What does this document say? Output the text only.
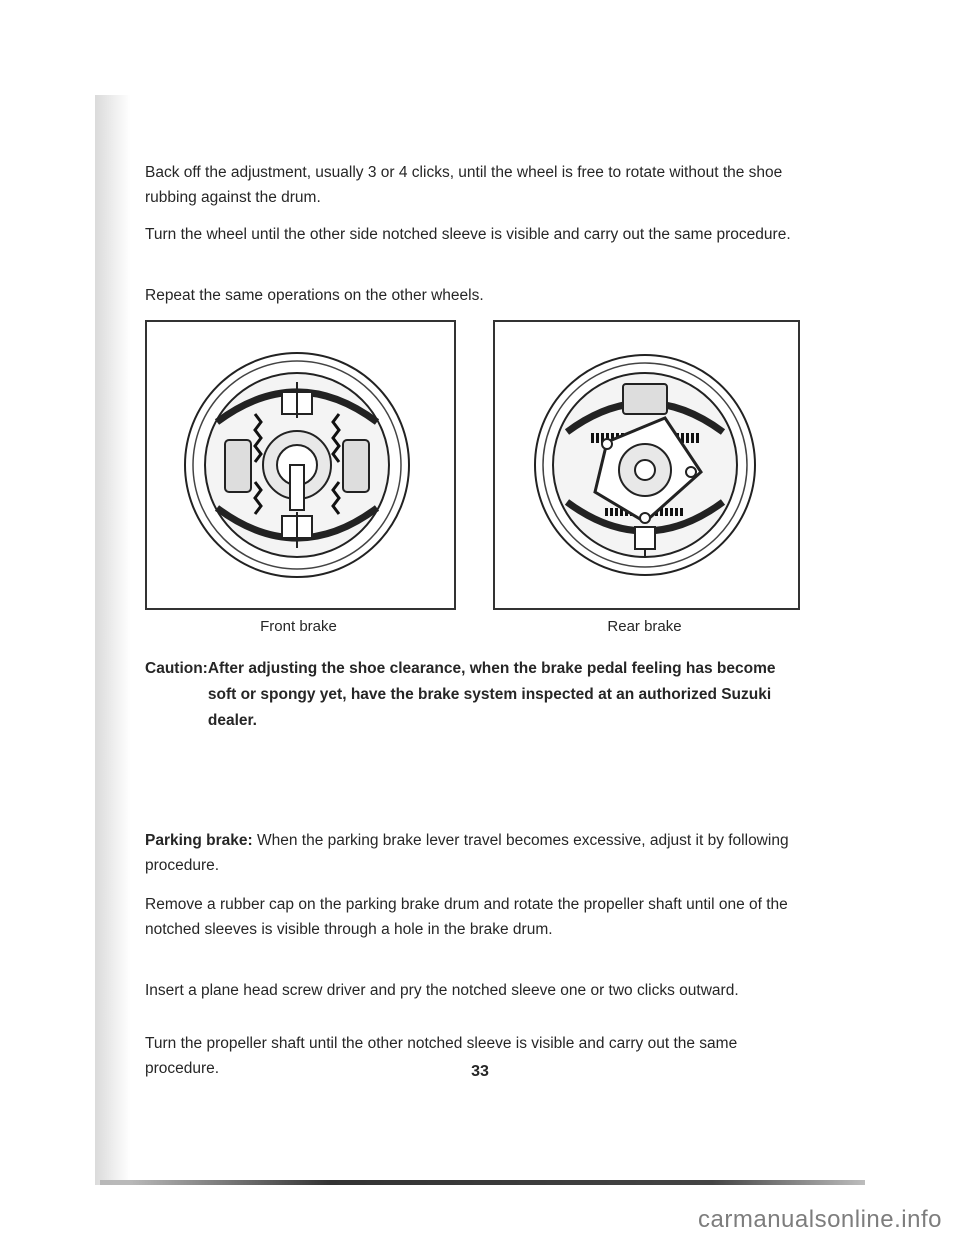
Back off the adjustment, usually 3 or 4 clicks, until the wheel is free to rotate without the shoe rubbing against the drum.

Turn the wheel until the other side notched sleeve is visible and carry out the same procedure.

Repeat the same operations on the other wheels.

Front brake	Rear brake
Caution: After adjusting the shoe clearance, when the brake pedal feeling has become soft or spongy yet, have the brake system inspected at an authorized Suzuki dealer.

Parking brake: When the parking brake lever travel becomes excessive, adjust it by following procedure.

Remove a rubber cap on the parking brake drum and rotate the propeller shaft until one of the notched sleeves is visible through a hole in the brake drum.

Insert a plane head screw driver and pry the notched sleeve one or two clicks outward.

Turn the propeller shaft until the other notched sleeve is visible and carry out the same procedure.	33
carmanualsonline.info
